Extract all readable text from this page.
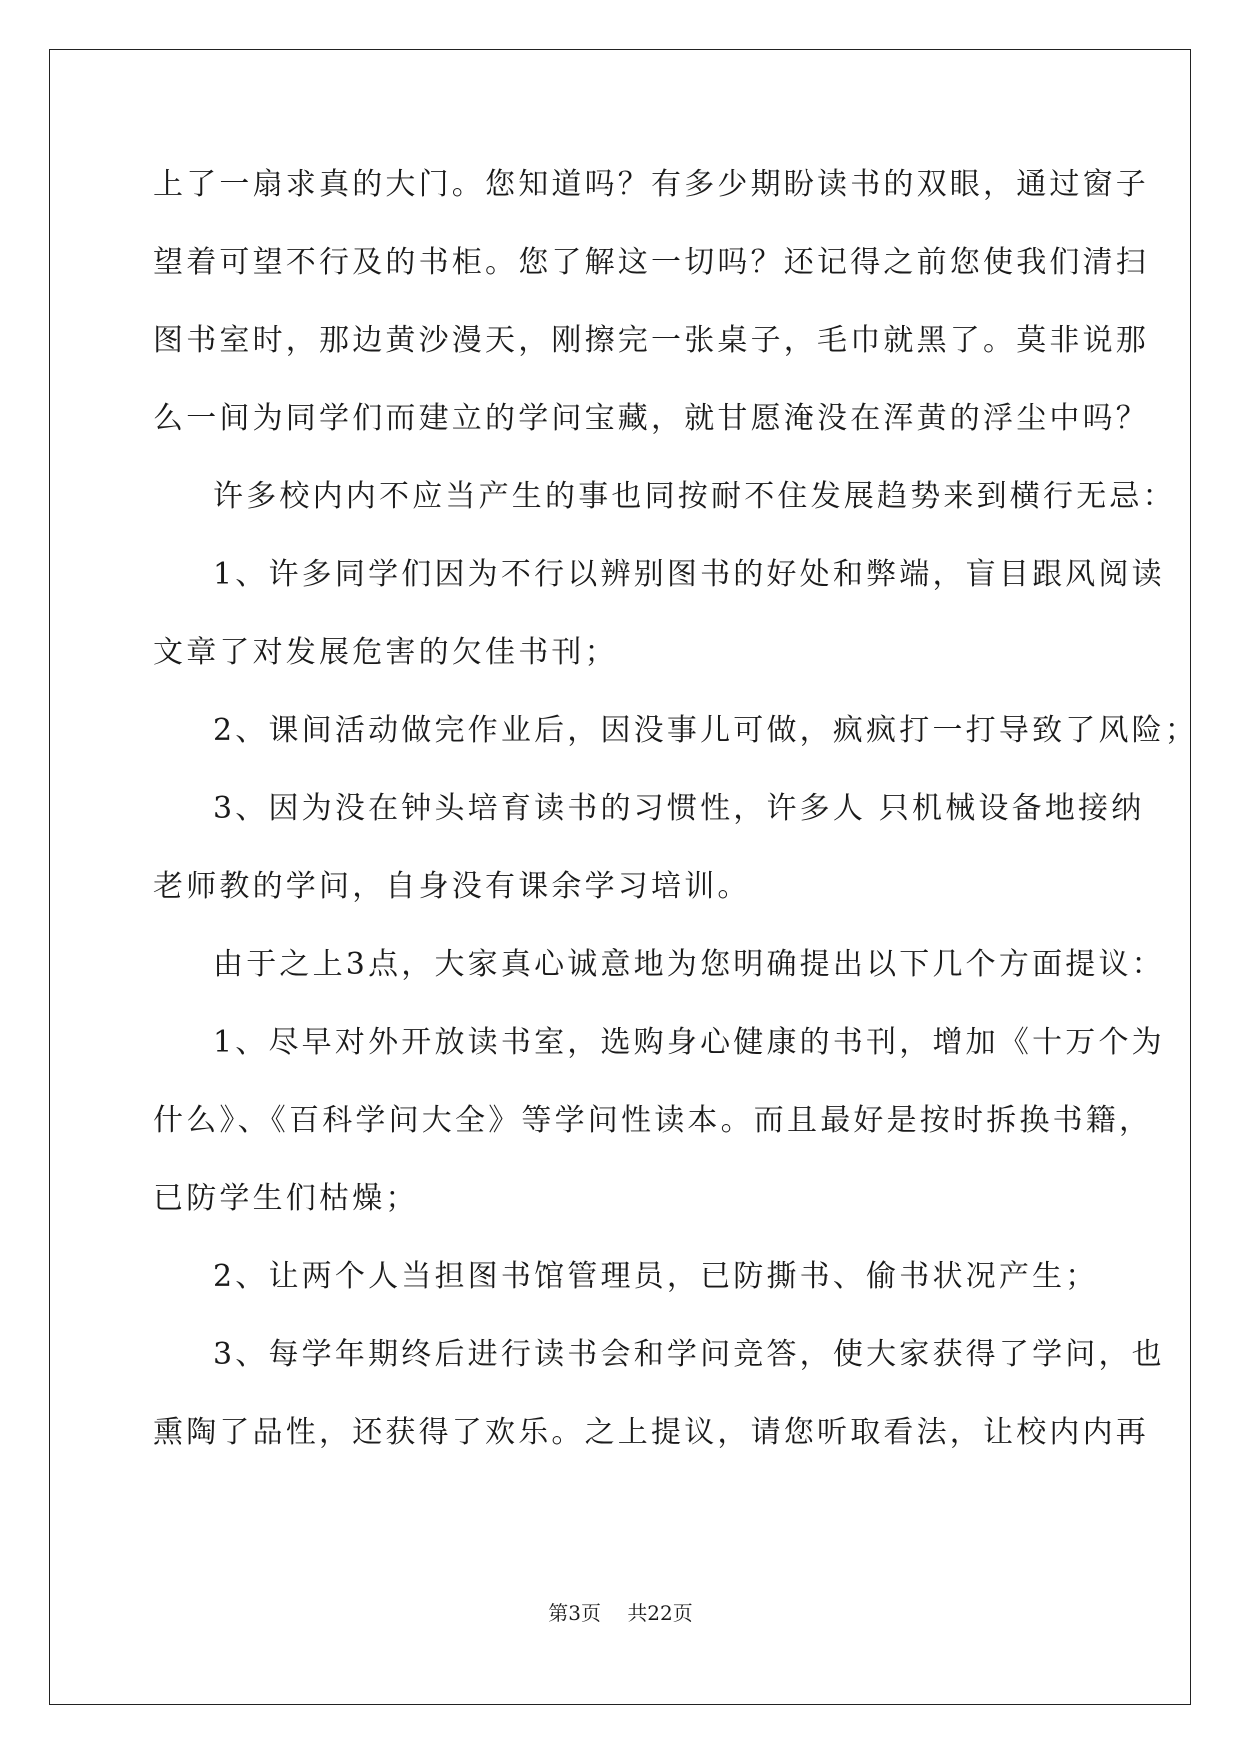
上了一扇求真的大门。您知道吗？有多少期盼读书的双眼，通过窗子
望着可望不行及的书柜。您了解这一切吗？还记得之前您使我们清扫
图书室时，那边黄沙漫天，刚擦完一张桌子，毛巾就黑了。莫非说那
么一间为同学们而建立的学问宝藏，就甘愿淹没在浑黄的浮尘中吗？
许多校内内不应当产生的事也同按耐不住发展趋势来到横行无忌：
1、许多同学们因为不行以辨别图书的好处和弊端，盲目跟风阅读
文章了对发展危害的欠佳书刊；
2、课间活动做完作业后，因没事儿可做，疯疯打一打导致了风险；
3、因为没在钟头培育读书的习惯性，许多人 只机械设备地接纳
老师教的学问，自身没有课余学习培训。
由于之上3点，大家真心诚意地为您明确提出以下几个方面提议：
1、尽早对外开放读书室，选购身心健康的书刊，增加《十万个为
什么》、《百科学问大全》等学问性读本。而且最好是按时拆换书籍，
已防学生们枯燥；
2、让两个人当担图书馆管理员，已防撕书、偷书状况产生；
3、每学年期终后进行读书会和学问竞答，使大家获得了学问，也
熏陶了品性，还获得了欢乐。之上提议，请您听取看法，让校内内再
第3页 共22页
